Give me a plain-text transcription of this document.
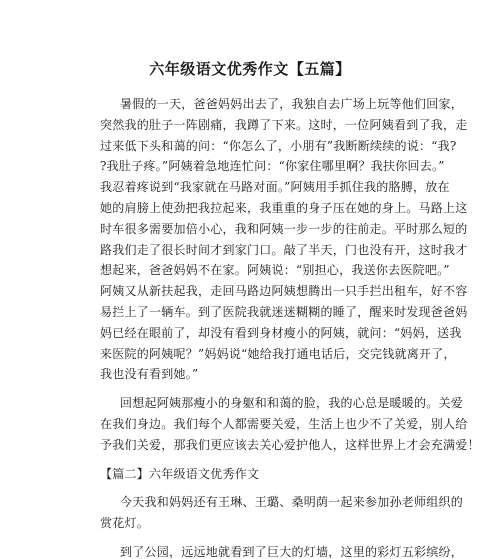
六年级语文优秀作文【五篇】
暑假的一天，爸爸妈妈出去了，我独自去广场上玩等他们回家，
突然我的肚子一阵剧痛，我蹲了下来。这时，一位阿姨看到了我，走
过来低下头和蔼的问：“你怎么了，小朋有”我断断续续的说：“我?
?我肚子疼。”阿姨着急地连忙问：“你家住哪里啊？我扶你回去。”
我忍着疼说到“我家就在马路对面。”阿姨用手抓住我的胳膊，放在
她的肩膀上使劲把我拉起来，我重重的身子压在她的身上。马路上这
时车很多需要加倍小心，我和阿姨一步一步的往前走。平时那么短的
路我们走了很长时间才到家门口。敲了半天，门也没有开，这时我才
想起来，爸爸妈妈不在家。阿姨说：“别担心，我送你去医院吧。”
阿姨又从新扶起我，走回马路边阿姨想腾出一只手拦出租车，好不容
易拦上了一辆车。到了医院我就迷迷糊糊的睡了，醒来时发现爸爸妈
妈已经在眼前了，却没有看到身材瘦小的阿姨，就问：“妈妈，送我
来医院的阿姨呢？”妈妈说“她给我打通电话后，交完钱就离开了，
我也没有看到她。”
回想起阿姨那瘦小的身躯和和蔼的脸，我的心总是暖暖的。关爱
在我们身边。我们每个人都需要关爱，生活上也少不了关爱，别人给
予我们关爱，那我们更应该去关心爱护他人，这样世界上才会充满爱！
【篇二】六年级语文优秀作文
今天我和妈妈还有王琳、王璐、桑明荫一起来参加孙老师组织的
赏花灯。
到了公园，远远地就看到了巨大的灯墙，这里的彩灯五彩缤纷，
